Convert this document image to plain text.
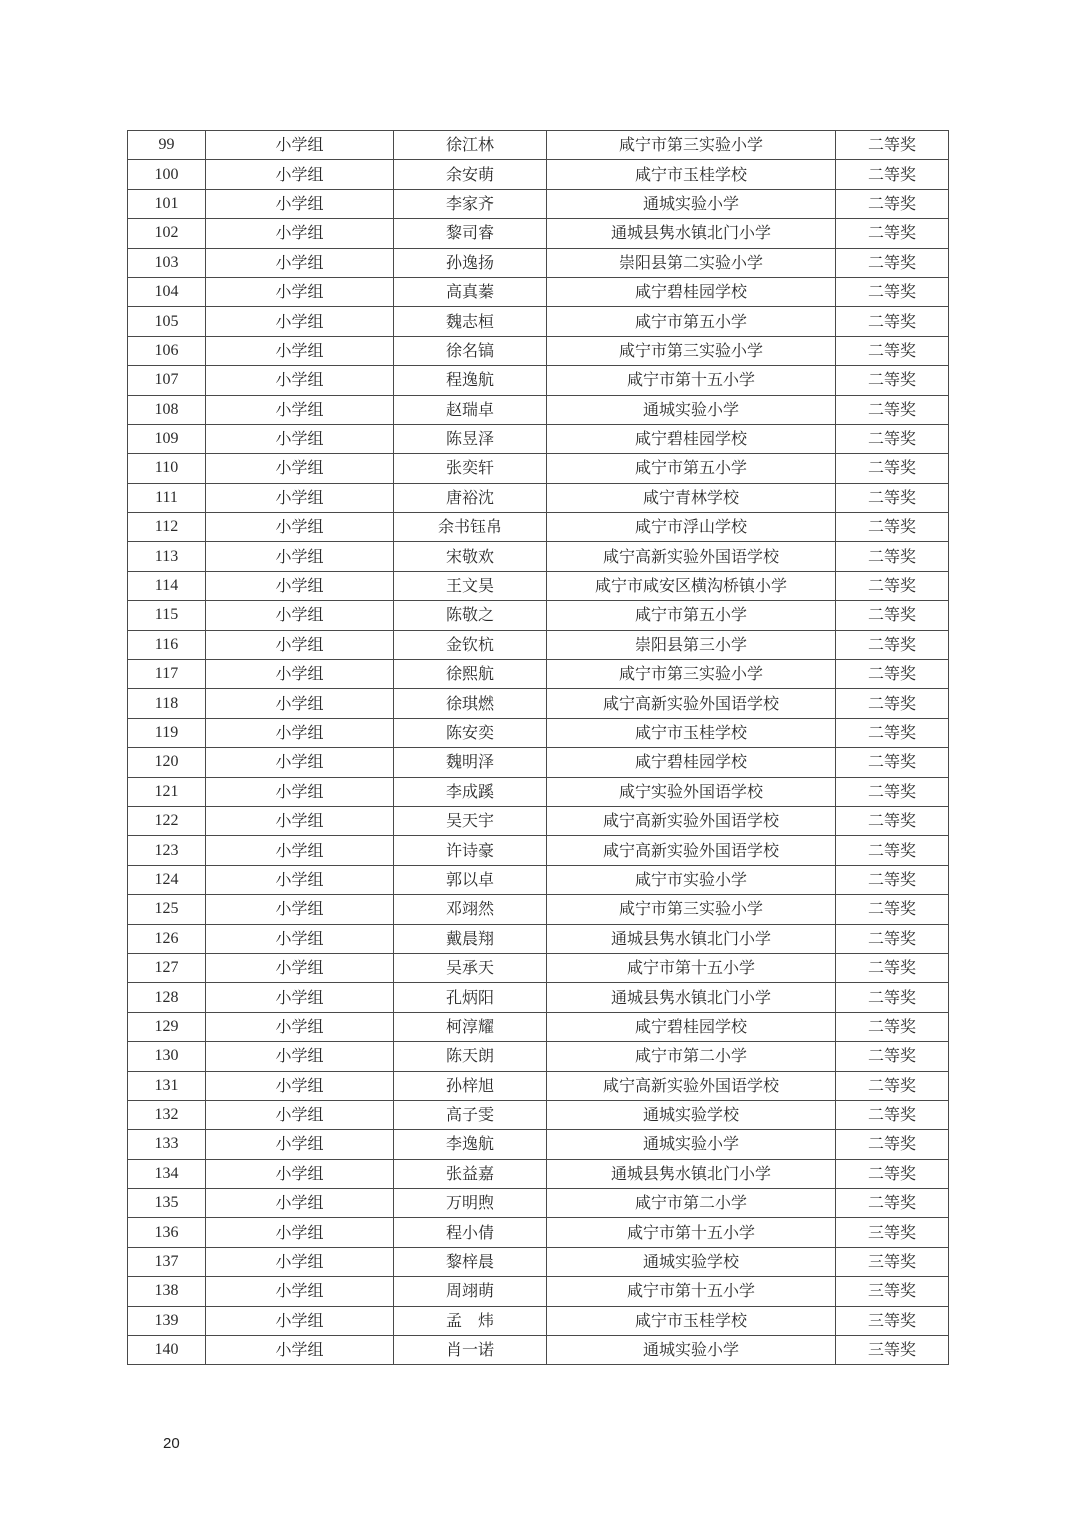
99	小学组	徐江林	咸宁市第三实验小学	二等奖
100	小学组	余安萌	咸宁市玉桂学校	二等奖
101	小学组	李家齐	通城实验小学	二等奖
102	小学组	黎司睿	通城县隽水镇北门小学	二等奖
103	小学组	孙逸扬	崇阳县第二实验小学	二等奖
104	小学组	高真蓁	咸宁碧桂园学校	二等奖
105	小学组	魏志桓	咸宁市第五小学	二等奖
106	小学组	徐名镐	咸宁市第三实验小学	二等奖
107	小学组	程逸航	咸宁市第十五小学	二等奖
108	小学组	赵瑞卓	通城实验小学	二等奖
109	小学组	陈昱泽	咸宁碧桂园学校	二等奖
110	小学组	张奕轩	咸宁市第五小学	二等奖
111	小学组	唐裕沈	咸宁青林学校	二等奖
112	小学组	余书钰帛	咸宁市浮山学校	二等奖
113	小学组	宋敬欢	咸宁高新实验外国语学校	二等奖
114	小学组	王文昊	咸宁市咸安区横沟桥镇小学	二等奖
115	小学组	陈敬之	咸宁市第五小学	二等奖
116	小学组	金钦杭	崇阳县第三小学	二等奖
117	小学组	徐熙航	咸宁市第三实验小学	二等奖
118	小学组	徐琪燃	咸宁高新实验外国语学校	二等奖
119	小学组	陈安奕	咸宁市玉桂学校	二等奖
120	小学组	魏明泽	咸宁碧桂园学校	二等奖
121	小学组	李成蹊	咸宁实验外国语学校	二等奖
122	小学组	吴天宇	咸宁高新实验外国语学校	二等奖
123	小学组	许诗豪	咸宁高新实验外国语学校	二等奖
124	小学组	郭以卓	咸宁市实验小学	二等奖
125	小学组	邓翊然	咸宁市第三实验小学	二等奖
126	小学组	戴晨翔	通城县隽水镇北门小学	二等奖
127	小学组	吴承天	咸宁市第十五小学	二等奖
128	小学组	孔炳阳	通城县隽水镇北门小学	二等奖
129	小学组	柯淳耀	咸宁碧桂园学校	二等奖
130	小学组	陈天朗	咸宁市第二小学	二等奖
131	小学组	孙梓旭	咸宁高新实验外国语学校	二等奖
132	小学组	高子雯	通城实验学校	二等奖
133	小学组	李逸航	通城实验小学	二等奖
134	小学组	张益嘉	通城县隽水镇北门小学	二等奖
135	小学组	万明煦	咸宁市第二小学	二等奖
136	小学组	程小倩	咸宁市第十五小学	三等奖
137	小学组	黎梓晨	通城实验学校	三等奖
138	小学组	周翊萌	咸宁市第十五小学	三等奖
139	小学组	孟　炜	咸宁市玉桂学校	三等奖
140	小学组	肖一诺	通城实验小学	三等奖
20
